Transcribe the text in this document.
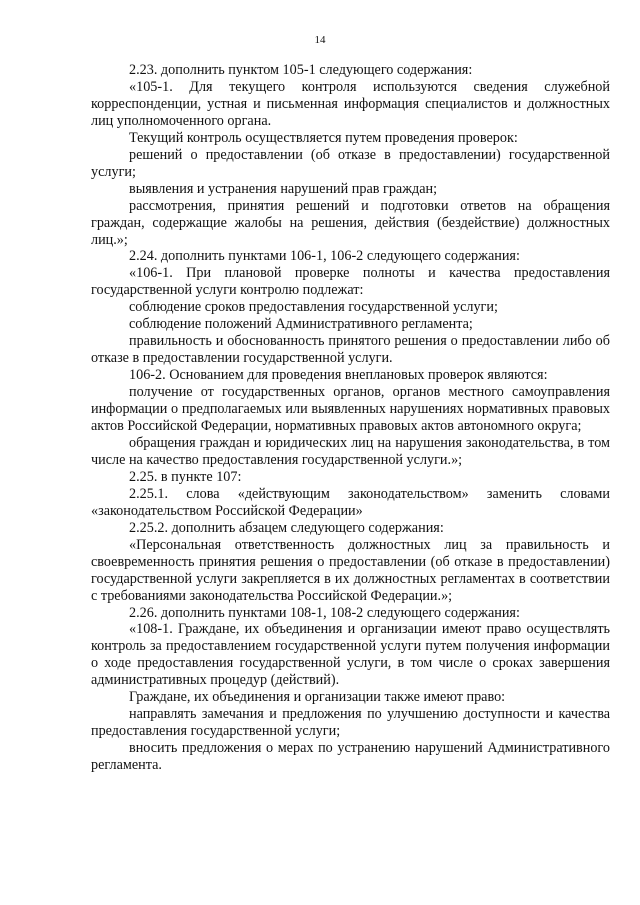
14

2.23. дополнить пунктом 105-1 следующего содержания:

«105-1. Для текущего контроля используются сведения служебной корреспонденции, устная и письменная информация специалистов и должностных лиц уполномоченного органа.

Текущий контроль осуществляется путем проведения проверок:

решений о предоставлении (об отказе в предоставлении) государственной услуги;

выявления и устранения нарушений прав граждан;

рассмотрения, принятия решений и подготовки ответов на обращения граждан, содержащие жалобы на решения, действия (бездействие) должностных лиц.»;

2.24. дополнить пунктами 106-1, 106-2 следующего содержания:

«106-1. При плановой проверке полноты и качества предоставления государственной услуги контролю подлежат:

соблюдение сроков предоставления государственной услуги;

соблюдение положений Административного регламента;

правильность и обоснованность принятого решения о предоставлении либо об отказе в предоставлении государственной услуги.

106-2. Основанием для проведения внеплановых проверок являются:

получение от государственных органов, органов местного самоуправления информации о предполагаемых или выявленных нарушениях нормативных правовых актов Российской Федерации, нормативных правовых актов автономного округа;

обращения граждан и юридических лиц на нарушения законодательства, в том числе на качество предоставления государственной услуги.»;

2.25. в пункте 107:

2.25.1. слова «действующим законодательством» заменить словами «законодательством Российской Федерации»

2.25.2. дополнить абзацем следующего содержания:

«Персональная ответственность должностных лиц за правильность и своевременность принятия решения о предоставлении (об отказе в предоставлении) государственной услуги закрепляется в их должностных регламентах в соответствии с требованиями законодательства Российской Федерации.»;

2.26. дополнить пунктами 108-1, 108-2 следующего содержания:

«108-1. Граждане, их объединения и организации имеют право осуществлять контроль за предоставлением государственной услуги путем получения информации о ходе предоставления государственной услуги, в том числе о сроках завершения административных процедур (действий).

Граждане, их объединения и организации также имеют право:

направлять замечания и предложения по улучшению доступности и качества предоставления государственной услуги;

вносить предложения о мерах по устранению нарушений Административного регламента.
